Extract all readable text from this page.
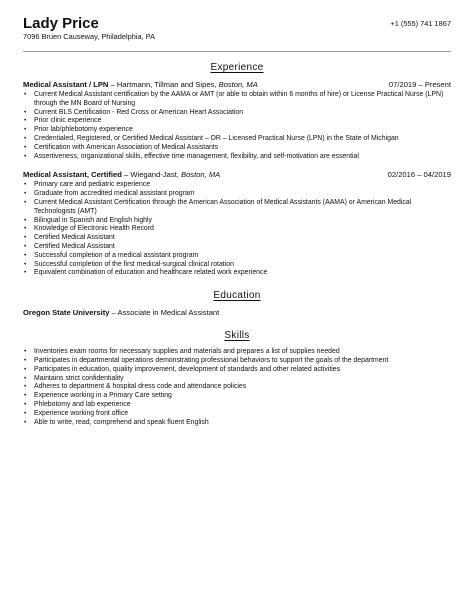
Lady Price
7096 Bruen Causeway, Philadelphia, PA
+1 (555) 741 1867
Experience
Medical Assistant / LPN – Hartmann, Tillman and Sipes, Boston, MA	07/2019 – Present
• Current Medical Assistant certification by the AAMA or AMT (or able to obtain within 6 months of hire) or License Practical Nurse (LPN) through the MN Board of Nursing
• Current BLS Certification - Red Cross or American Heart Association
• Prior clinic experience
• Prior lab/phlebotomy experience
• Credentialed, Registered, or Certified Medical Assistant – OR – Licensed Practical Nurse (LPN) in the State of Michigan
• Certification with American Association of Medical Assistants
• Assertiveness, organizational skills, effective time management, flexibility, and self-motivation are essential
Medical Assistant, Certified – Wiegand-Jast, Boston, MA	02/2016 – 04/2019
• Primary care and pediatric experience
• Graduate from accredited medical assistant program
• Current Medical Assistant Certification through the American Association of Medical Assistants (AAMA) or American Medical Technologists (AMT)
• Bilingual in Spanish and English highly
• Knowledge of Electronic Health Record
• Certified Medical Assistant
• Certified Medical Assistant
• Successful completion of a medical assistant program
• Successful completion of the first medical-surgical clinical rotation
• Equivalent combination of education and healthcare related work experience
Education
Oregon State University – Associate in Medical Assistant
Skills
• Inventories exam rooms for necessary supplies and materials and prepares a list of supplies needed
• Participates in departmental operations demonstrating professional behaviors to support the goals of the department
• Participates in education, quality improvement, development of standards and other related activities
• Maintains strict confidentiality
• Adheres to department & hospital dress code and attendance policies
• Experience working in a Primary Care setting
• Phlebotomy and lab experience
• Experience working front office
• Able to write, read, comprehend and speak fluent English
